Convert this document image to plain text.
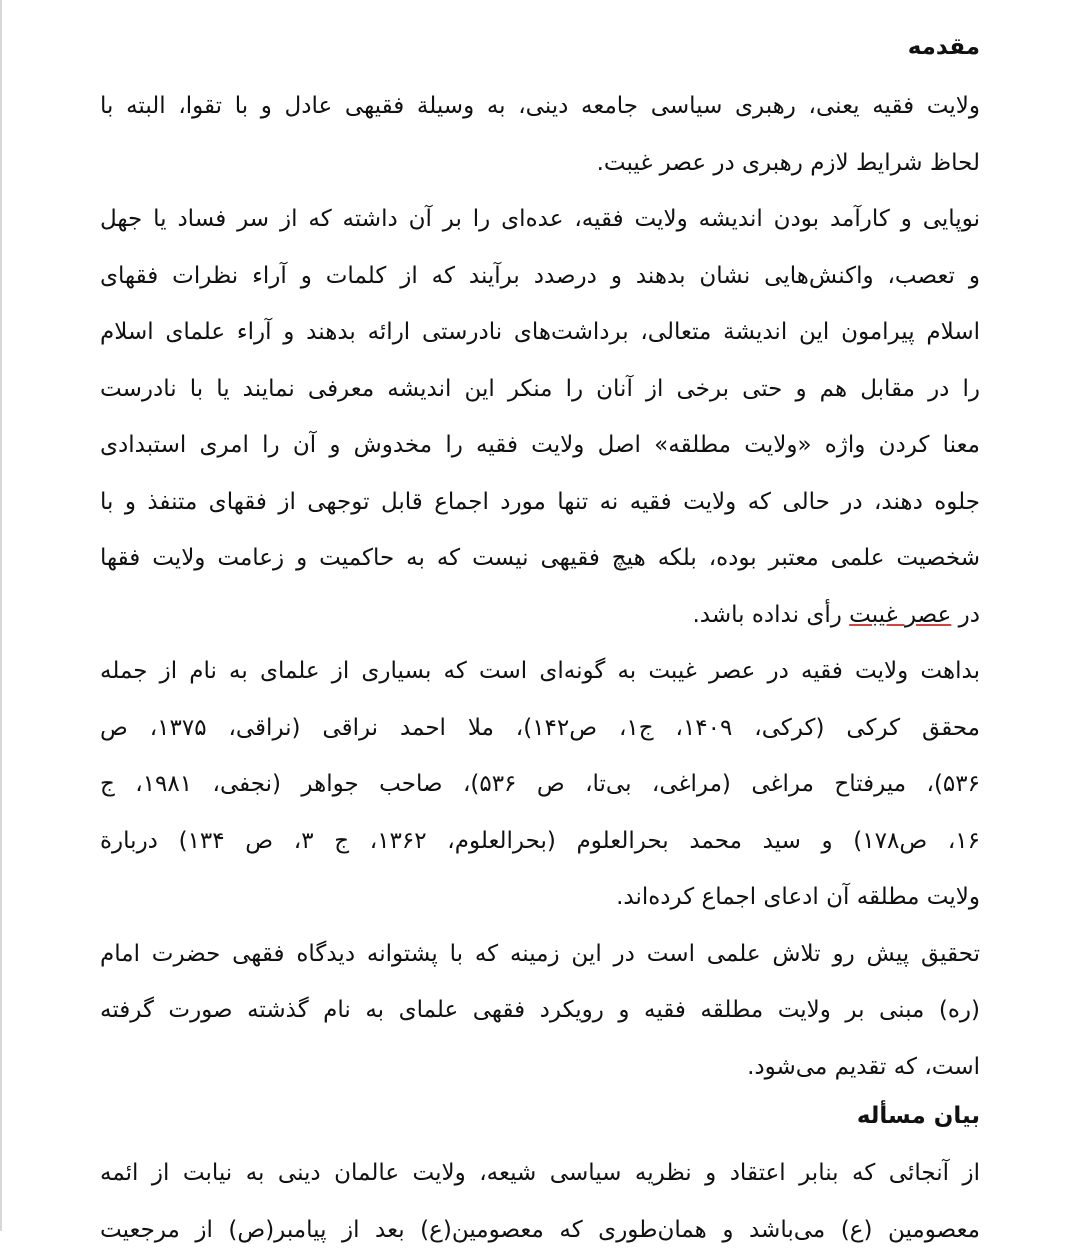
مقدمه
ولایت فقیه یعنی، رهبری سیاسی جامعه دینی، به وسیلة فقیهی عادل و با تقوا، البته با
لحاظ شرایط لازم رهبری در عصر غیبت.
نوپایی و کارآمد بودن اندیشه ولایت فقیه، عده‌ای را بر آن داشته که از سر فساد یا جهل
و تعصب، واکنش‌هایی نشان بدهند و درصدد برآیند که از کلمات و آراء نظرات فقهای
اسلام پیرامون این اندیشة متعالی، برداشت‌های نادرستی ارائه بدهند و آراء علمای اسلام
را در مقابل هم و حتی برخی از آنان را منکر این اندیشه معرفی نمایند یا با نادرست
معنا کردن واژه «ولایت مطلقه» اصل ولایت فقیه را مخدوش و آن را امری استبدادی
جلوه دهند، در حالی که ولایت فقیه نه تنها مورد اجماع قابل توجهی از فقهای متنفذ و با
شخصیت علمی معتبر بوده، بلکه هیچ فقیهی نیست که به حاکمیت و زعامت ولایت فقها
در عصر غیبت رأی نداده باشد.
بداهت ولایت فقیه در عصر غیبت به گونه‌ای است که بسیاری از علمای به نام از جمله
محقق کرکی (کرکی، ۱۴۰۹، ج۱، ص۱۴۲)، ملا احمد نراقی (نراقی، ۱۳۷۵، ص
۵۳۶)، میرفتاح مراغی (مراغی، بی‌تا، ص ۵۳۶)، صاحب جواهر (نجفی، ۱۹۸۱، ج
۱۶، ص۱۷۸) و سید محمد بحرالعلوم (بحرالعلوم، ۱۳۶۲، ج ۳، ص ۱۳۴) دربارة
ولایت مطلقه آن ادعای اجماع کرده‌اند.
تحقیق پیش رو تلاش علمی است در این زمینه که با پشتوانه دیدگاه فقهی حضرت امام
(ره) مبنی بر ولایت مطلقه فقیه و رویکرد فقهی علمای به نام گذشته صورت گرفته
است، که تقدیم می‌شود.
بیان مسأله
از آنجائی که بنابر اعتقاد و نظریه سیاسی شیعه، ولایت عالمان دینی به نیابت از ائمه
معصومین (ع) می‌باشد و همان‌طوری که معصومین(ع) بعد از پیامبر(ص) از مرجعیت
